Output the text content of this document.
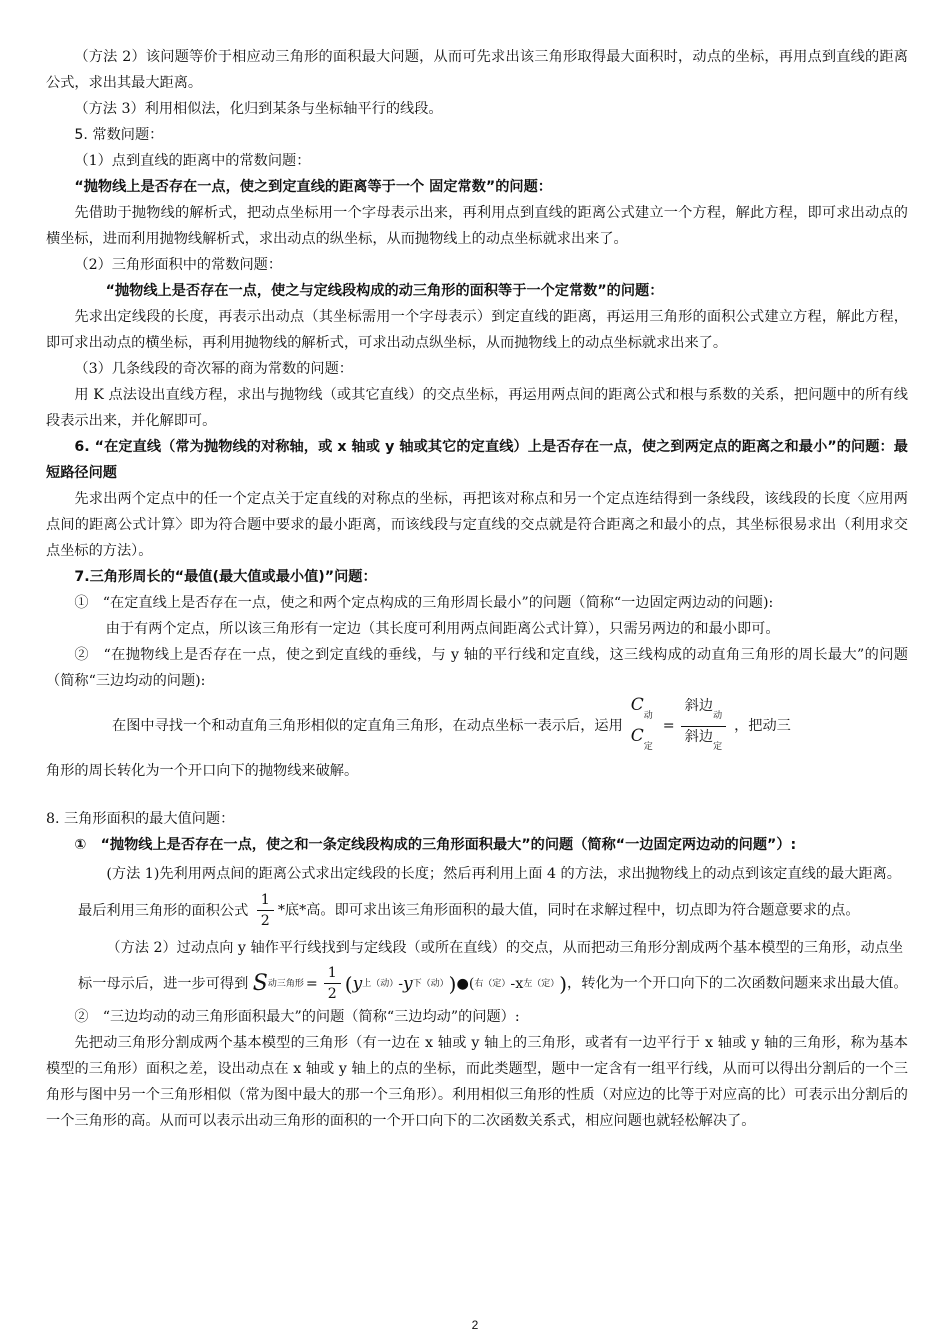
（方法 2）该问题等价于相应动三角形的面积最大问题，从而可先求出该三角形取得最大面积时，动点的坐标，再用点到直线的距离公式，求出其最大距离。

（方法 3）利用相似法，化归到某条与坐标轴平行的线段。

5. 常数问题：

（1）点到直线的距离中的常数问题：

“抛物线上是否存在一点，使之到定直线的距离等于一个 固定常数”的问题：

先借助于抛物线的解析式，把动点坐标用一个字母表示出来，再利用点到直线的距离公式建立一个方程，解此方程，即可求出动点的横坐标，进而利用抛物线解析式，求出动点的纵坐标，从而抛物线上的动点坐标就求出来了。

（2）三角形面积中的常数问题：

“抛物线上是否存在一点，使之与定线段构成的动三角形的面积等于一个定常数”的问题：

先求出定线段的长度，再表示出动点（其坐标需用一个字母表示）到定直线的距离，再运用三角形的面积公式建立方程，解此方程，即可求出动点的横坐标，再利用抛物线的解析式，可求出动点纵坐标，从而抛物线上的动点坐标就求出来了。

（3）几条线段的奇次幂的商为常数的问题：

用 K 点法设出直线方程，求出与抛物线（或其它直线）的交点坐标，再运用两点间的距离公式和根与系数的关系，把问题中的所有线段表示出来，并化解即可。

6. “在定直线（常为抛物线的对称轴，或 x 轴或 y 轴或其它的定直线）上是否存在一点，使之到两定点的距离之和最小”的问题：最短路径问题

先求出两个定点中的任一个定点关于定直线的对称点的坐标，再把该对称点和另一个定点连结得到一条线段，该线段的长度〈应用两点间的距离公式计算〉即为符合题中要求的最小距离，而该线段与定直线的交点就是符合距离之和最小的点，其坐标很易求出（利用求交点坐标的方法）。

7.三角形周长的“最值(最大值或最小值)”问题：

①　“在定直线上是否存在一点，使之和两个定点构成的三角形周长最小”的问题（简称“一边固定两边动的问题):

由于有两个定点，所以该三角形有一定边（其长度可利用两点间距离公式计算），只需另两边的和最小即可。

②　“在抛物线上是否存在一点，使之到定直线的垂线，与 y 轴的平行线和定直线，这三线构成的动直角三角形的周长最大”的问题（简称“三边均动的问题):

在图中寻找一个和动直角三角形相似的定直角三角形，在动点坐标一表示后，运用
$C_动$
$C_定$
= $\frac{斜边_动}{斜边_定}$ ，把动三

角形的周长转化为一个开口向下的抛物线来破解。

8. 三角形面积的最大值问题：

①　“抛物线上是否存在一点，使之和一条定线段构成的三角形面积最大”的问题（简称“一边固定两边动的问题”）:

(方法 1)先利用两点间的距离公式求出定线段的长度；然后再利用上面 4 的方法，求出抛物线上的动点到该定直线的最大距离。最后利用三角形的面积公式 $\frac{1}{2}$ *底*高。即可求出该三角形面积的最大值，同时在求解过程中，切点即为符合题意要求的点。
（方法 2）过动点向 y 轴作平行线找到与定线段（或所在直线）的交点，从而把动三角形分割成两个基本模型的三角形，动点坐标一母示后，进一步可得到 S 动三角形 = $\frac{1}{2}$ ( y 上（动） - y 下（动） ) ●( 右（定） -x 左（定） ) ，转化为一个开口向下的二次函数问题来求出最大值。

②　“三边均动的动三角形面积最大”的问题（简称“三边均动”的问题）:

先把动三角形分割成两个基本模型的三角形（有一边在 x 轴或 y 轴上的三角形，或者有一边平行于 x 轴或 y 轴的三角形，称为基本模型的三角形）面积之差，设出动点在 x 轴或 y 轴上的点的坐标，而此类题型，题中一定含有一组平行线，从而可以得出分割后的一个三角形与图中另一个三角形相似（常为图中最大的那一个三角形）。利用相似三角形的性质（对应边的比等于对应高的比）可表示出分割后的一个三角形的高。从而可以表示出动三角形的面积的一个开口向下的二次函数关系式，相应问题也就轻松解决了。

2
